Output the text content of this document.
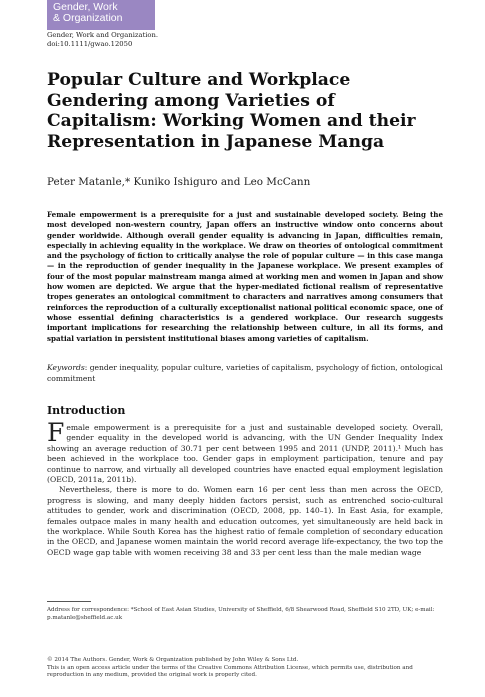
Gender, Work
& Organization
Gender, Work and Organization.
doi:10.1111/gwao.12050
Popular Culture and Workplace Gendering among Varieties of Capitalism: Working Women and their Representation in Japanese Manga
Peter Matanle,* Kuniko Ishiguro and Leo McCann
Female empowerment is a prerequisite for a just and sustainable developed society. Being the most developed non-western country, Japan offers an instructive window onto concerns about gender worldwide. Although overall gender equality is advancing in Japan, difficulties remain, especially in achieving equality in the workplace. We draw on theories of ontological commitment and the psychology of fiction to critically analyse the role of popular culture — in this case manga — in the reproduction of gender inequality in the Japanese workplace. We present examples of four of the most popular mainstream manga aimed at working men and women in Japan and show how women are depicted. We argue that the hyper-mediated fictional realism of representative tropes generates an ontological commitment to characters and narratives among consumers that reinforces the reproduction of a culturally exceptionalist national political economic space, one of whose essential defining characteristics is a gendered workplace. Our research suggests important implications for researching the relationship between culture, in all its forms, and spatial variation in persistent institutional biases among varieties of capitalism.
Keywords: gender inequality, popular culture, varieties of capitalism, psychology of fiction, ontological commitment
Introduction

Female empowerment is a prerequisite for a just and sustainable developed society. Overall, gender equality in the developed world is advancing, with the UN Gender Inequality Index showing an average reduction of 30.71 per cent between 1995 and 2011 (UNDP, 2011).¹ Much has been achieved in the workplace too. Gender gaps in employment participation, tenure and pay continue to narrow, and virtually all developed countries have enacted equal employment legislation (OECD, 2011a, 2011b).

Nevertheless, there is more to do. Women earn 16 per cent less than men across the OECD, progress is slowing, and many deeply hidden factors persist, such as entrenched socio-cultural attitudes to gender, work and discrimination (OECD, 2008, pp. 140–1). In East Asia, for example, females outpace males in many health and education outcomes, yet simultaneously are held back in the workplace. While South Korea has the highest ratio of female completion of secondary education in the OECD, and Japanese women maintain the world record average life-expectancy, the two top the OECD wage gap table with women receiving 38 and 33 per cent less than the male median wage

Address for correspondence: *School of East Asian Studies, University of Sheffield, 6/8 Shearwood Road, Sheffield S10 2TD, UK; e-mail: p.matanle@sheffield.ac.uk
© 2014 The Authors. Gender, Work & Organization published by John Wiley & Sons Ltd.
This is an open access article under the terms of the Creative Commons Attribution License, which permits use, distribution and reproduction in any medium, provided the original work is properly cited.
